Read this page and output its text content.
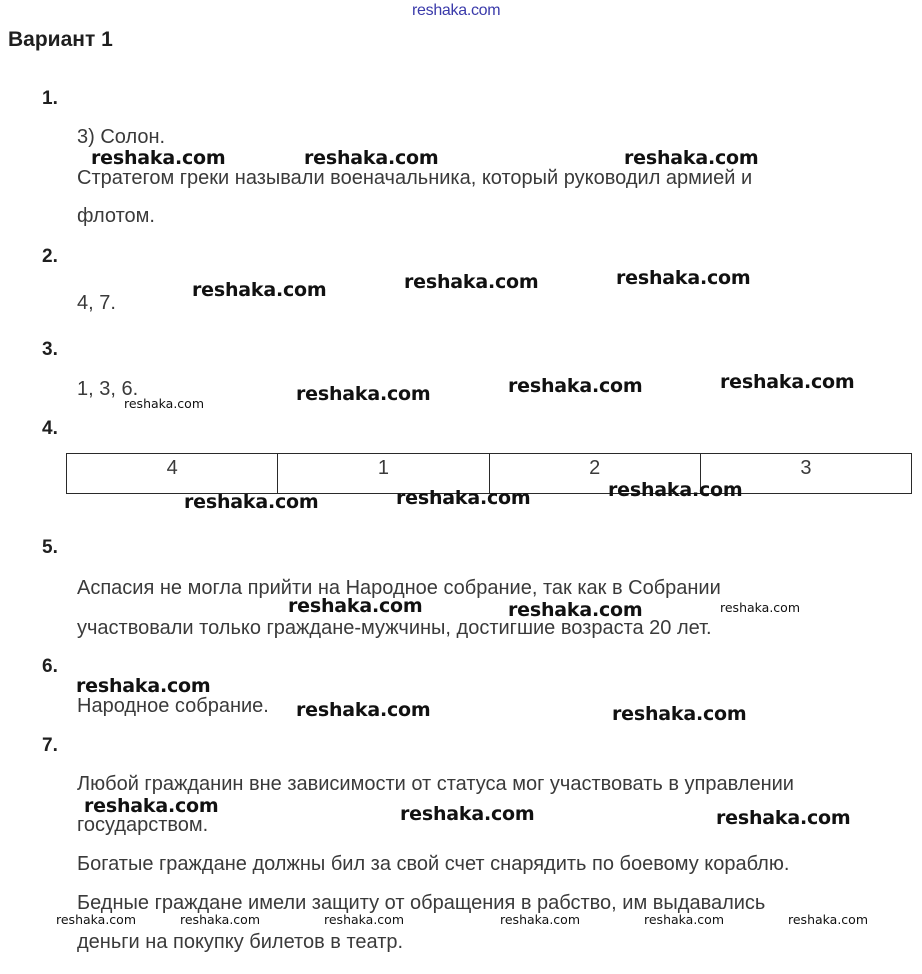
reshaka.com
Вариант 1
1.
3) Солон.
Стратегом греки называли военачальника, который руководил армией и
флотом.
2.
4, 7.
3.
1, 3, 6.
4.
4	1	2	3
5.
Аспасия не могла прийти на Народное собрание, так как в Собрании
участвовали только граждане-мужчины, достигшие возраста 20 лет.
6.
Народное собрание.
7.
Любой гражданин вне зависимости от статуса мог участвовать в управлении
государством.
Богатые граждане должны бил за свой счет снарядить по боевому кораблю.
Бедные граждане имели защиту от обращения в рабство, им выдавались
деньги на покупку билетов в театр.
reshaka.com	reshaka.com	reshaka.com
reshaka.com	reshaka.com	reshaka.com
reshaka.com	reshaka.com	reshaka.com
reshaka.com	reshaka.com	reshaka.com
reshaka.com	reshaka.com
reshaka.com
reshaka.com	reshaka.com
reshaka.com	reshaka.com	reshaka.com
reshaka.com
reshaka.com
reshaka.com	reshaka.com	reshaka.com	reshaka.com	reshaka.com	reshaka.com
